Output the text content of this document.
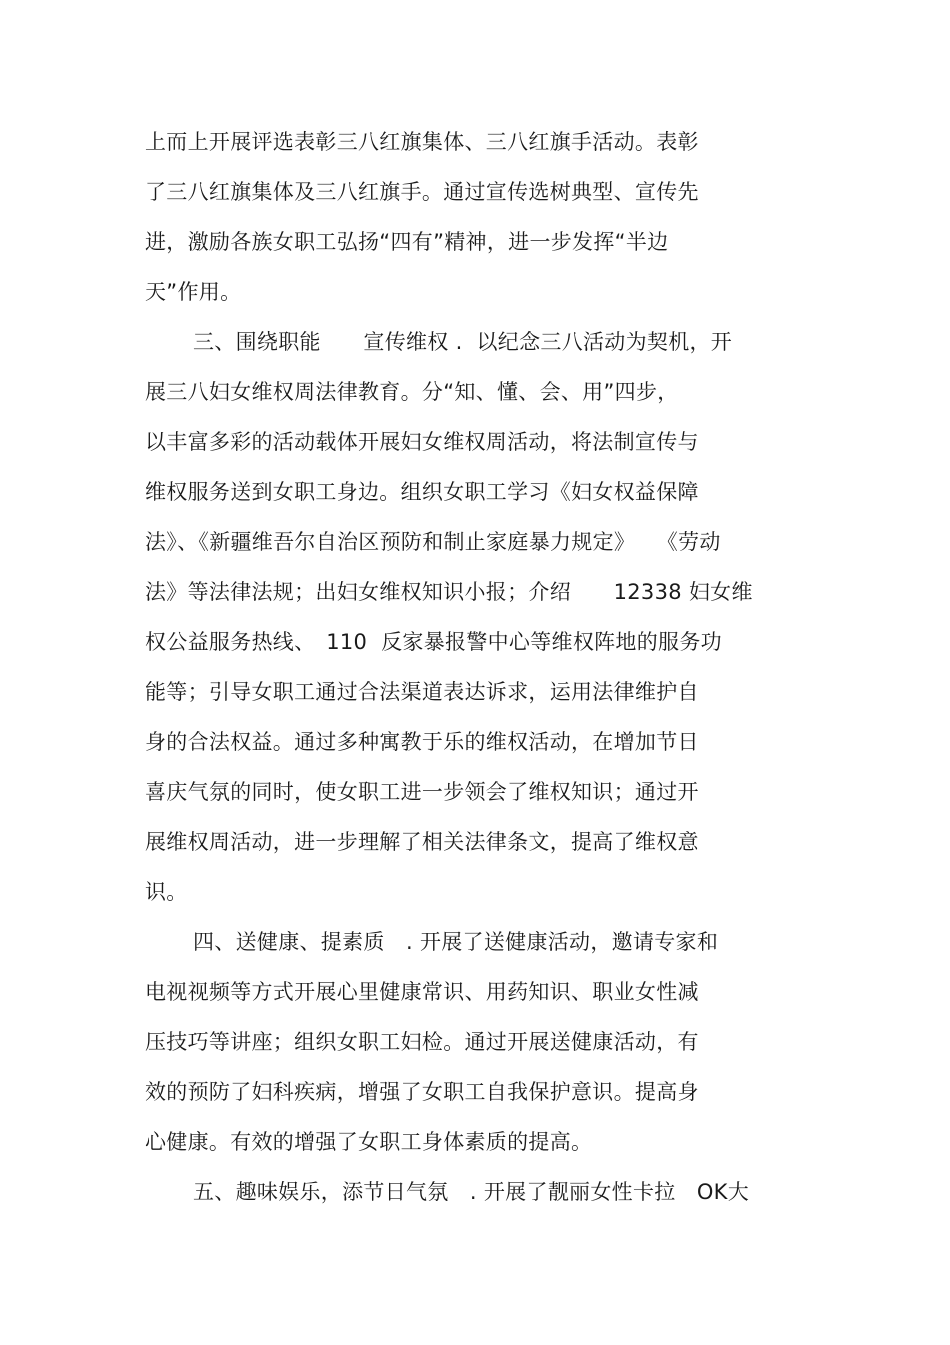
上而上开展评选表彰三八红旗集体、三八红旗手活动。表彰
了三八红旗集体及三八红旗手。通过宣传选树典型、宣传先
进，激励各族女职工弘扬“四有”精神，进一步发挥“半边
天”作用。
三、围绕职能　　宣传维权 .  以纪念三八活动为契机，开
展三八妇女维权周法律教育。分“知、懂、会、用”四步，
以丰富多彩的活动载体开展妇女维权周活动，将法制宣传与
维权服务送到女职工身边。组织女职工学习《妇女权益保障
法》、《新疆维吾尔自治区预防和制止家庭暴力规定》　　《劳动
法》等法律法规；出妇女维权知识小报；介绍　　12338 妇女维
权公益服务热线、　110  反家暴报警中心等维权阵地的服务功
能等；引导女职工通过合法渠道表达诉求，运用法律维护自
身的合法权益。通过多种寓教于乐的维权活动，在增加节日
喜庆气氛的同时，使女职工进一步领会了维权知识；通过开
展维权周活动，进一步理解了相关法律条文，提高了维权意
识。
四、送健康、提素质　. 开展了送健康活动，邀请专家和
电视视频等方式开展心里健康常识、用药知识、职业女性减
压技巧等讲座；组织女职工妇检。通过开展送健康活动，有
效的预防了妇科疾病，增强了女职工自我保护意识。提高身
心健康。有效的增强了女职工身体素质的提高。
五、趣味娱乐，添节日气氛　. 开展了靓丽女性卡拉　OK大
